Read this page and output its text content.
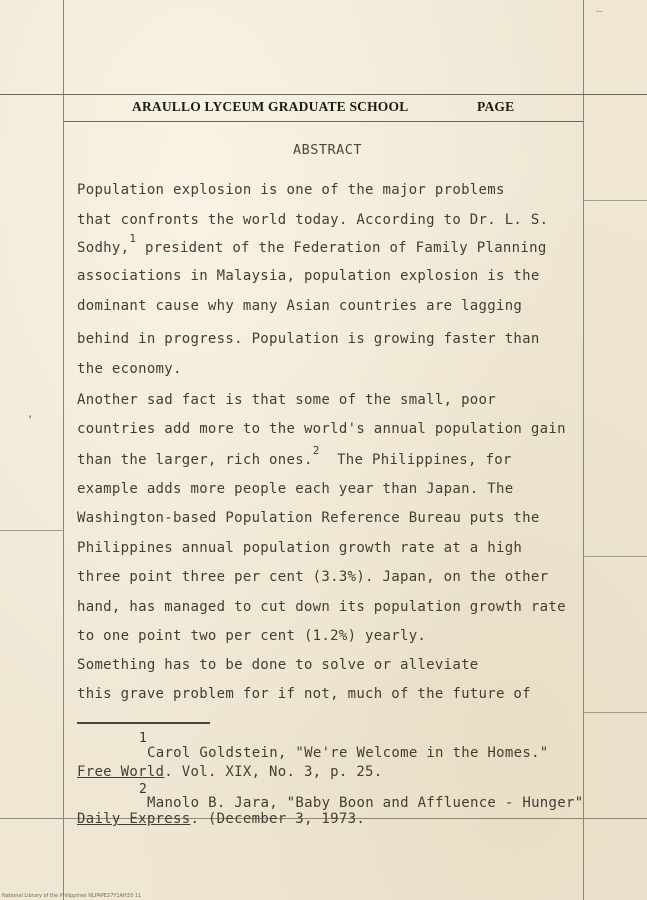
ARAULLO LYCEUM GRADUATE SCHOOL	PAGE
ABSTRACT
Population explosion is one of the major problems
that confronts the world today. According to Dr. L. S.
Sodhy,$^1$ president of the Federation of Family Planning
associations in Malaysia, population explosion is the
dominant cause why many Asian countries are lagging
behind in progress. Population is growing faster than
the economy.
Another sad fact is that some of the small, poor
countries add more to the world's annual population gain
than the larger, rich ones.$^2$  The Philippines, for
example adds more people each year than Japan. The
Washington-based Population Reference Bureau puts the
Philippines annual population growth rate at a high
three point three per cent (3.3%). Japan, on the other
hand, has managed to cut down its population growth rate
to one point two per cent (1.2%) yearly.
Something has to be done to solve or alleviate
this grave problem for if not, much of the future of
1
Carol Goldstein, "We're Welcome in the Homes."
Free World. Vol. XIX, No. 3, p. 25.
2
Manolo B. Jara, "Baby Boon and Affluence - Hunger"
Daily Express. (December 3, 1973.
’
–
National Library of the Philippines NLPAPE27Y1AH33 11
